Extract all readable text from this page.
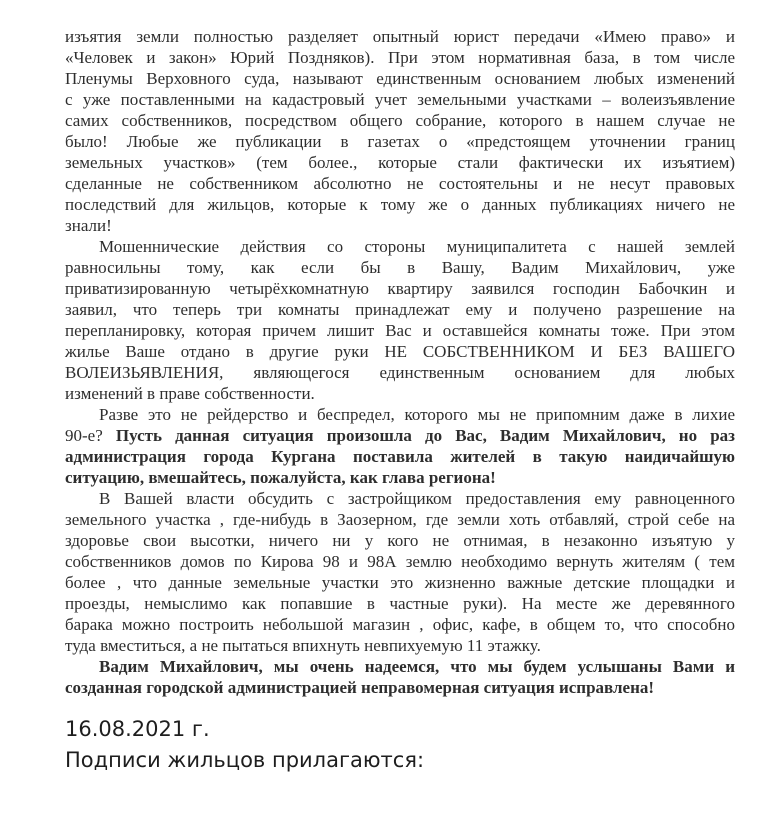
изъятия земли полностью разделяет опытный юрист передачи «Имею право» и
«Человек и закон» Юрий Поздняков). При этом нормативная база, в том числе
Пленумы Верховного суда, называют единственным основанием любых изменений
с уже поставленными на кадастровый учет земельными участками – волеизъявление
самих собственников, посредством общего собрание, которого в нашем случае не
было! Любые же публикации в газетах о «предстоящем уточнении границ
земельных участков» (тем более., которые стали фактически их изъятием)
сделанные не собственником абсолютно не состоятельны и не несут правовых
последствий для жильцов, которые к тому же о данных публикациях ничего не
знали!
Мошеннические действия со стороны муниципалитета с нашей землей
равносильны тому, как если бы в Вашу, Вадим Михайлович, уже
приватизированную четырёхкомнатную квартиру заявился господин Бабочкин и
заявил, что теперь три комнаты принадлежат ему и получено разрешение на
перепланировку, которая причем лишит Вас и оставшейся комнаты тоже. При этом
жилье Ваше отдано в другие руки НЕ СОБСТВЕННИКОМ И БЕЗ ВАШЕГО
ВОЛЕИЗЬЯВЛЕНИЯ, являющегося единственным основанием для любых
изменений в праве собственности.
Разве это не рейдерство и беспредел, которого мы не припомним даже в лихие
90-е? Пусть данная ситуация произошла до Вас, Вадим Михайлович, но раз
администрация города Кургана поставила жителей в такую наидичайшую
ситуацию, вмешайтесь, пожалуйста, как глава региона!
В Вашей власти обсудить с застройщиком предоставления ему равноценного
земельного участка , где-нибудь в Заозерном, где земли хоть отбавляй, строй себе на
здоровье свои высотки, ничего ни у кого не отнимая, в незаконно изъятую у
собственников домов по Кирова 98 и 98А землю необходимо вернуть жителям ( тем
более , что данные земельные участки это жизненно важные детские площадки и
проезды, немыслимо как попавшие в частные руки). На месте же деревянного
барака можно построить небольшой магазин , офис, кафе, в общем то, что способно
туда вместиться, а не пытаться впихнуть невпихуемую 11 этажку.
Вадим Михайлович, мы очень надеемся, что мы будем услышаны Вами и
созданная городской администрацией неправомерная ситуация исправлена!
16.08.2021 г.
Подписи жильцов прилагаются:
